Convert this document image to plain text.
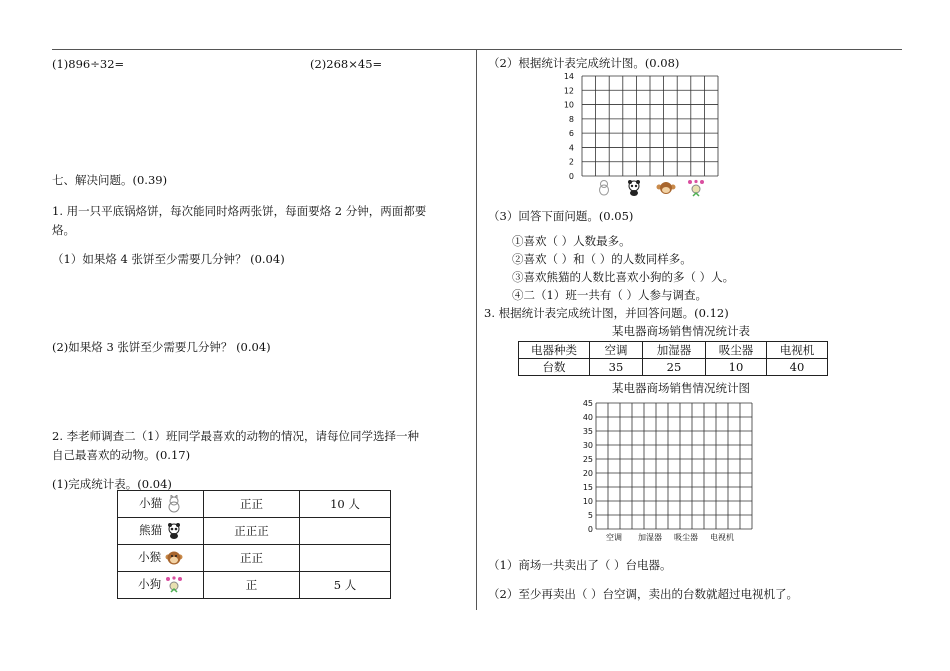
(1)896÷32=	(2)268×45=
七、解决问题。(0.39)
1. 用一只平底锅烙饼，每次能同时烙两张饼，每面要烙 2 分钟，两面都要
烙。
（1）如果烙 4 张饼至少需要几分钟？ (0.04)
(2)如果烙 3 张饼至少需要几分钟？ (0.04)
2. 李老师调查二（1）班同学最喜欢的动物的情况，请每位同学选择一种
自己最喜欢的动物。(0.17)
(1)完成统计表。(0.04)
小猫	正正	10 人
熊猫	正正正	
小猴	正正	
小狗	正	5 人
（2）根据统计表完成统计图。(0.08)
14
12
10
8
6
4
2
0
（3）回答下面问题。(0.05)
①喜欢（ ）人数最多。
②喜欢（ ）和（ ）的人数同样多。
③喜欢熊猫的人数比喜欢小狗的多（ ）人。
④二（1）班一共有（ ）人参与调查。
3. 根据统计表完成统计图，并回答问题。(0.12)
某电器商场销售情况统计表
电器种类	空调	加湿器	吸尘器	电视机
台数	35	25	10	40
某电器商场销售情况统计图
45
40
35
30
25
20
15
10
5
0
空调 加湿器 吸尘器 电视机
（1）商场一共卖出了（ ）台电器。
（2）至少再卖出（ ）台空调，卖出的台数就超过电视机了。
